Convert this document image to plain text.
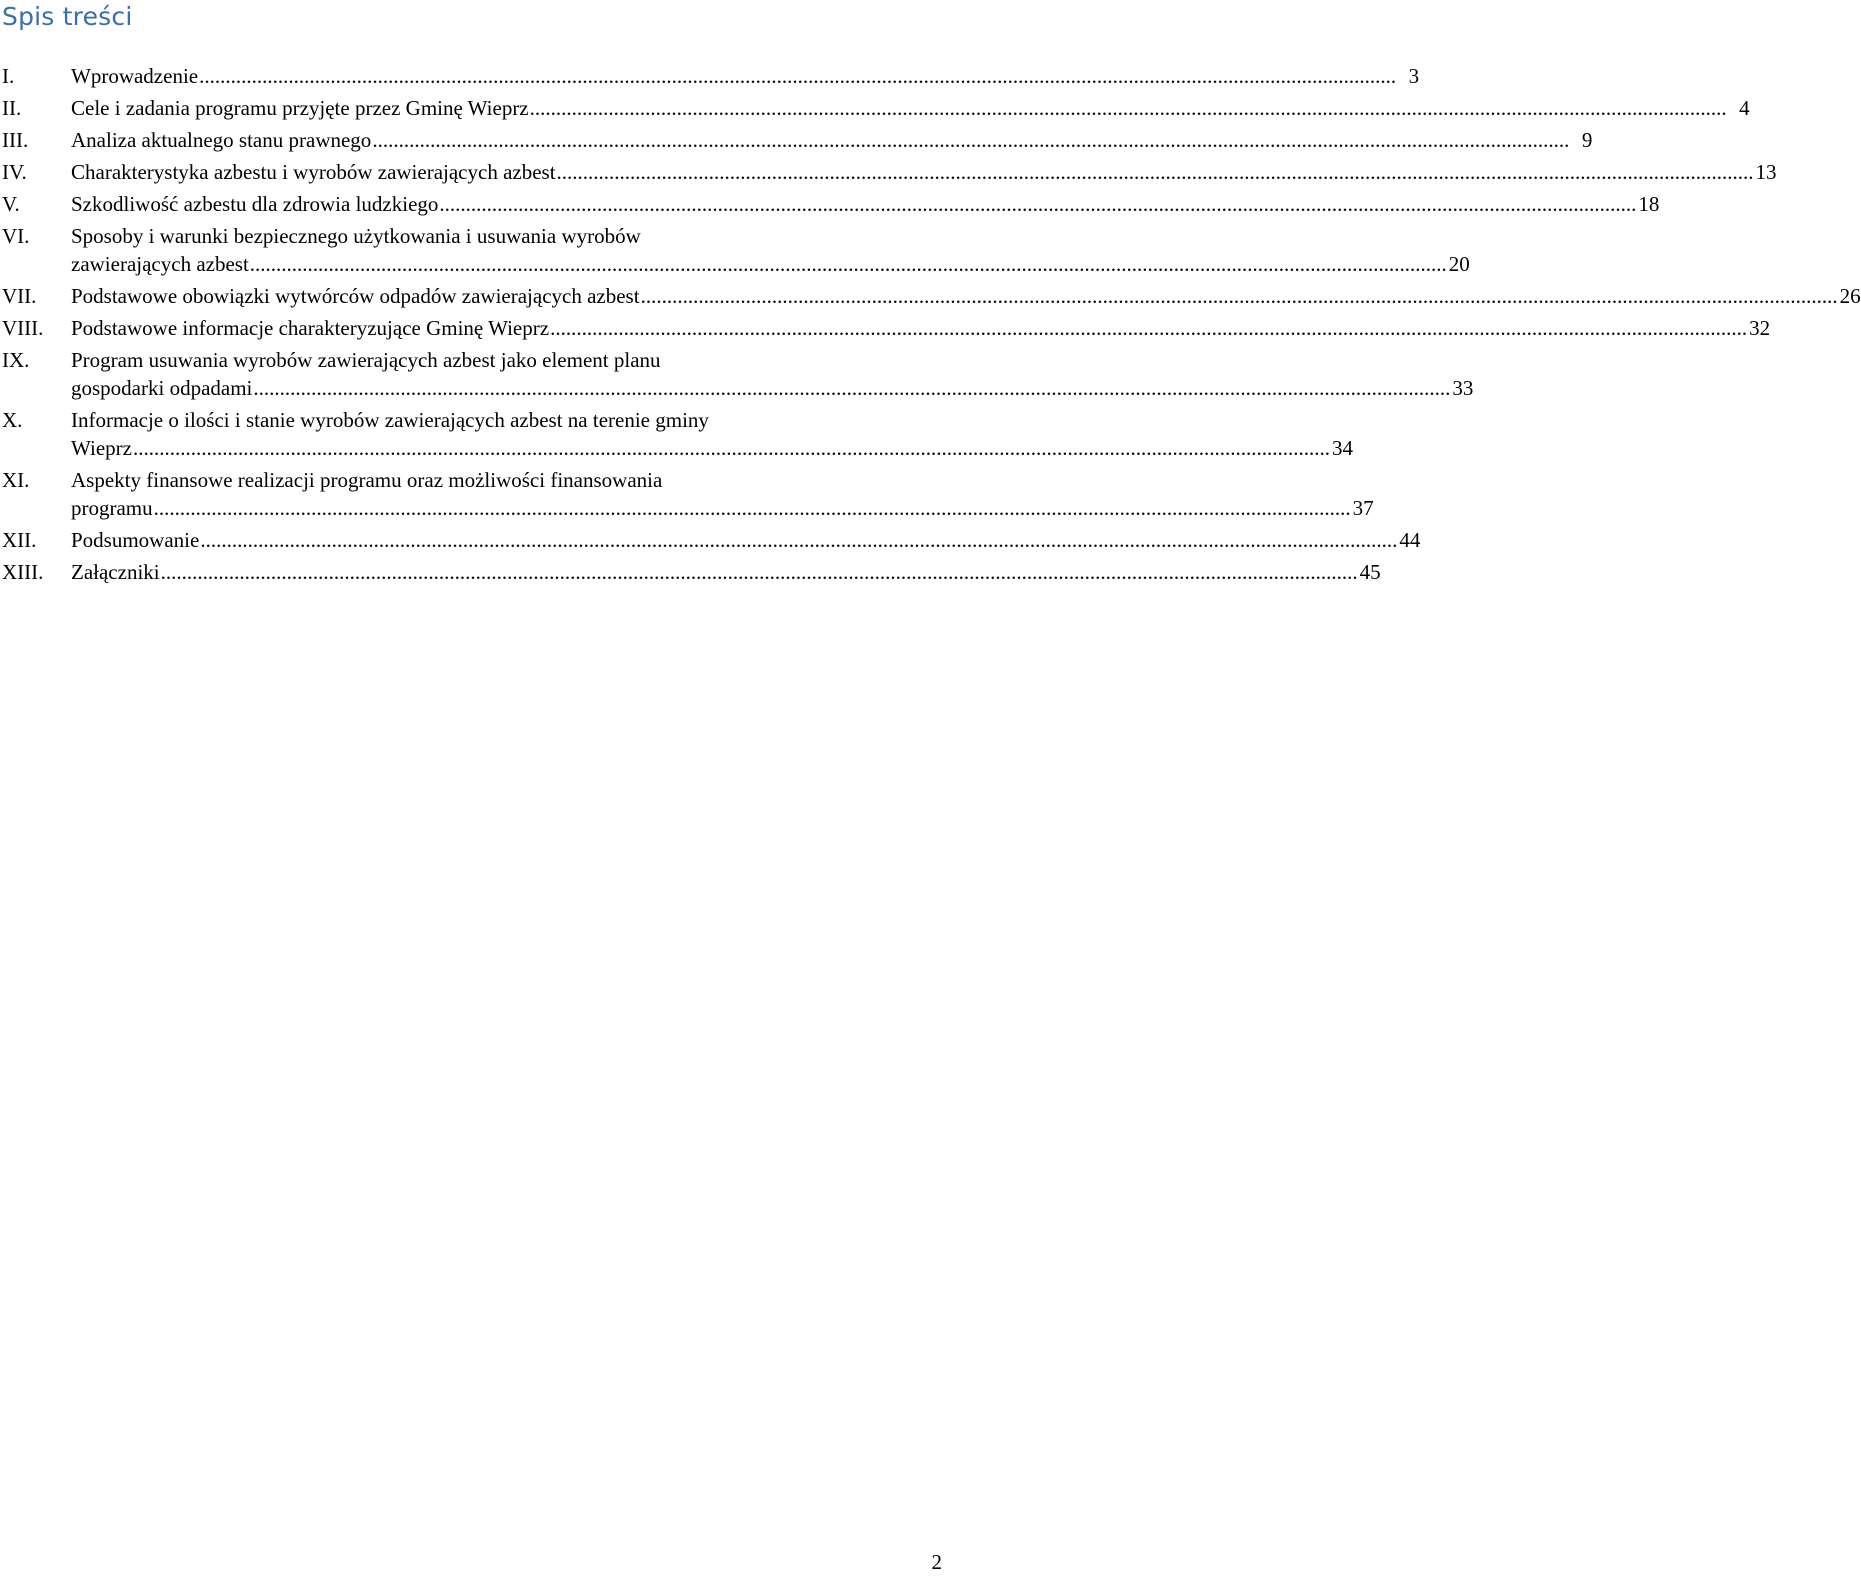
Spis treści
I.	Wprowadzenie .....	3
II.	Cele i zadania programu przyjęte przez Gminę Wieprz .....	4
III.	Analiza aktualnego stanu prawnego .....	9
IV.	Charakterystyka azbestu i wyrobów zawierających azbest .....	13
V.	Szkodliwość azbestu dla zdrowia ludzkiego .....	18
VI.	Sposoby i warunki bezpiecznego użytkowania i usuwania wyrobów
zawierających azbest .....	20
VII.	Podstawowe obowiązki wytwórców odpadów zawierających azbest .....	26
VIII.	Podstawowe informacje charakteryzujące Gminę Wieprz .....	32
IX.	Program usuwania wyrobów zawierających azbest jako element planu
gospodarki odpadami .....	33
X.	Informacje o ilości i stanie wyrobów zawierających azbest na terenie gminy
Wieprz .....	34
XI.	Aspekty finansowe realizacji programu oraz możliwości finansowania
programu .....	37
XII.	Podsumowanie .....	44
XIII.	Załączniki .....	45
2
